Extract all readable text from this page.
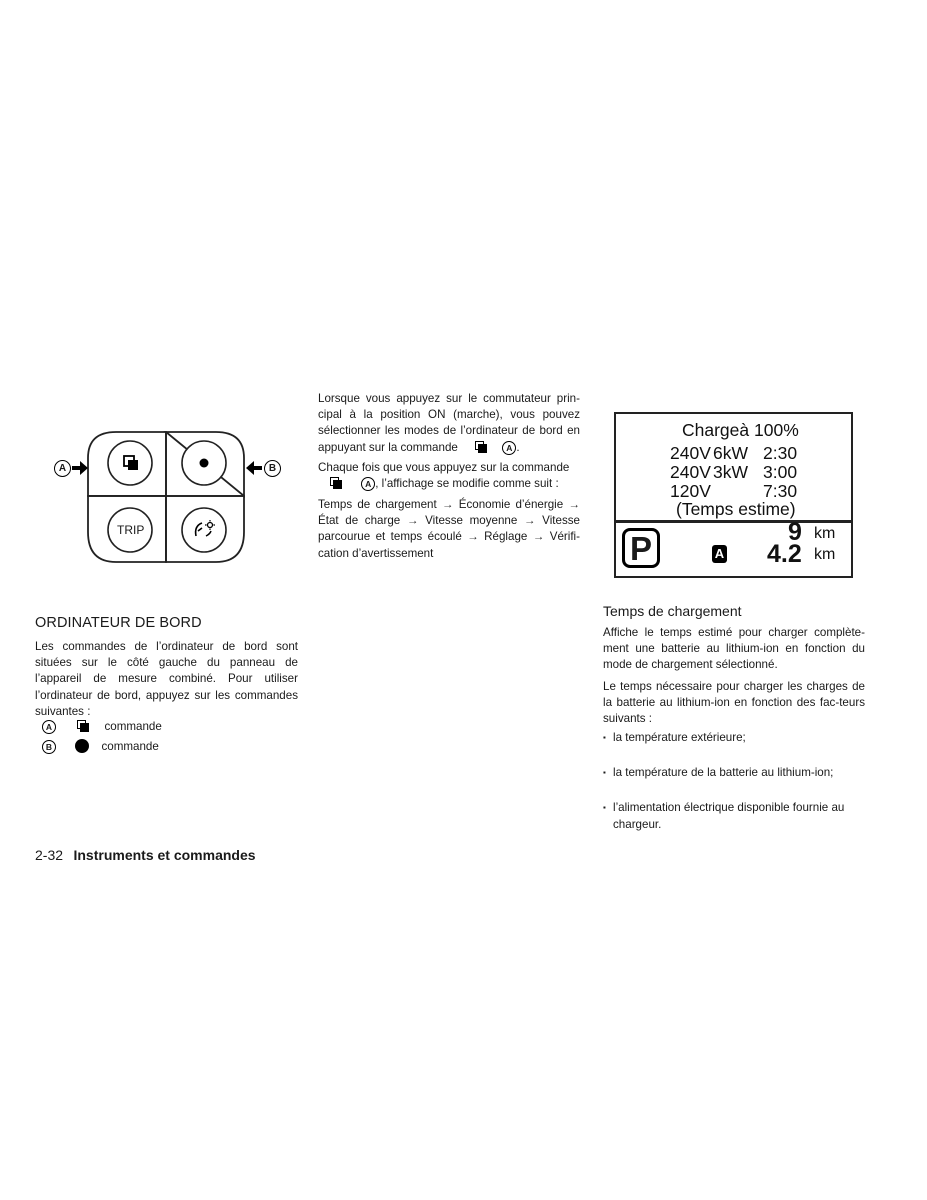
TRIP
A	B
ORDINATEUR DE BORD
Les commandes de l’ordinateur de bord sont situées sur le côté gauche du panneau de l’appareil de mesure combiné. Pour utiliser l’ordinateur de bord, appuyez sur les commandes suivantes :
A	commande
B	commande
Lorsque vous appuyez sur le commutateur prin-cipal à la position ON (marche), vous pouvez sélectionner les modes de l’ordinateur de bord en appuyant sur la commande	A .
Chaque fois que vous appuyez sur la commande
A , l’affichage se modifie comme suit :
Temps de chargement → Économie d’énergie → État de charge → Vitesse moyenne → Vitesse parcourue et temps écoulé → Réglage → Vérifi-cation d’avertissement
Chargeà 100%
240V 6kW 2:30
240V 3kW 3:00
120V	7:30
(Temps estime)
P	A
9 km
4.2 km
Temps de chargement
Affiche le temps estimé pour charger complète-ment une batterie au lithium-ion en fonction du mode de chargement sélectionné.
Le temps nécessaire pour charger les charges de la batterie au lithium-ion en fonction des fac-teurs suivants :
▪ la température extérieure;
▪ la température de la batterie au lithium-ion;
▪ l’alimentation électrique disponible fournie au chargeur.
2-32 Instruments et commandes
